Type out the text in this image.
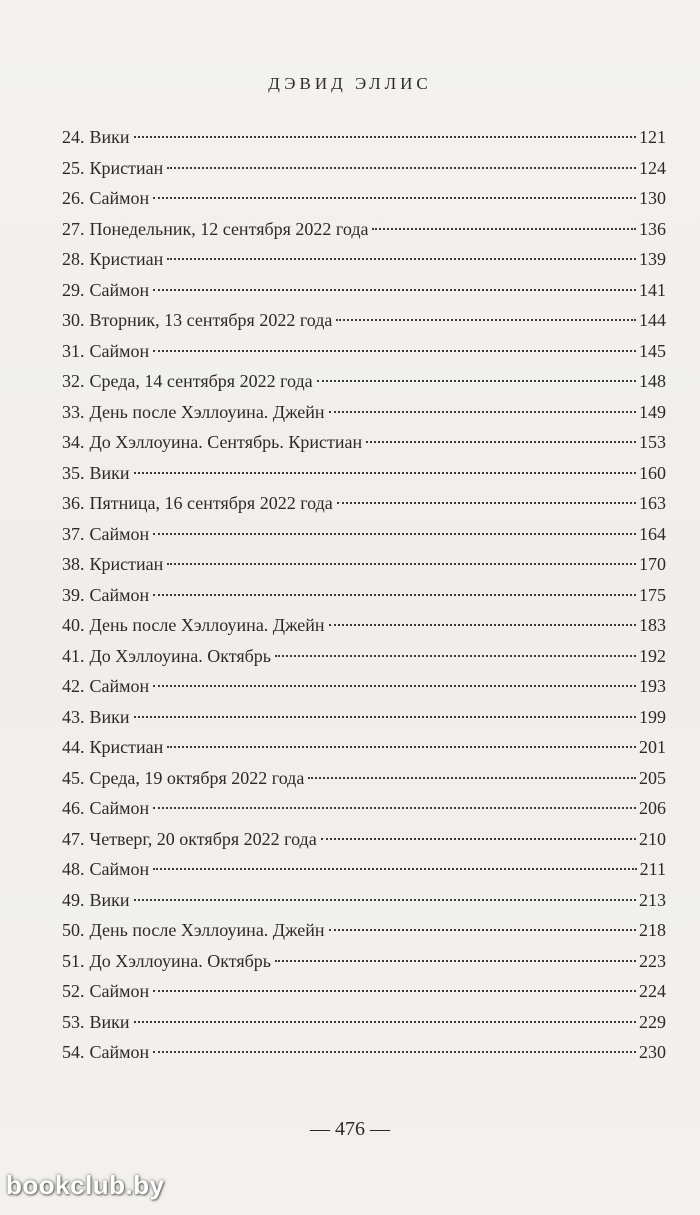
ДЭВИД ЭЛЛИС
24. Вики	121
25. Кристиан	124
26. Саймон	130
27. Понедельник, 12 сентября 2022 года	136
28. Кристиан	139
29. Саймон	141
30. Вторник, 13 сентября 2022 года	144
31. Саймон	145
32. Среда, 14 сентября 2022 года	148
33. День после Хэллоуина. Джейн	149
34. До Хэллоуина. Сентябрь. Кристиан	153
35. Вики	160
36. Пятница, 16 сентября 2022 года	163
37. Саймон	164
38. Кристиан	170
39. Саймон	175
40. День после Хэллоуина. Джейн	183
41. До Хэллоуина. Октябрь	192
42. Саймон	193
43. Вики	199
44. Кристиан	201
45. Среда, 19 октября 2022 года	205
46. Саймон	206
47. Четверг, 20 октября 2022 года	210
48. Саймон	211
49. Вики	213
50. День после Хэллоуина. Джейн	218
51. До Хэллоуина. Октябрь	223
52. Саймон	224
53. Вики	229
54. Саймон	230
— 476 —
bookclub.by
